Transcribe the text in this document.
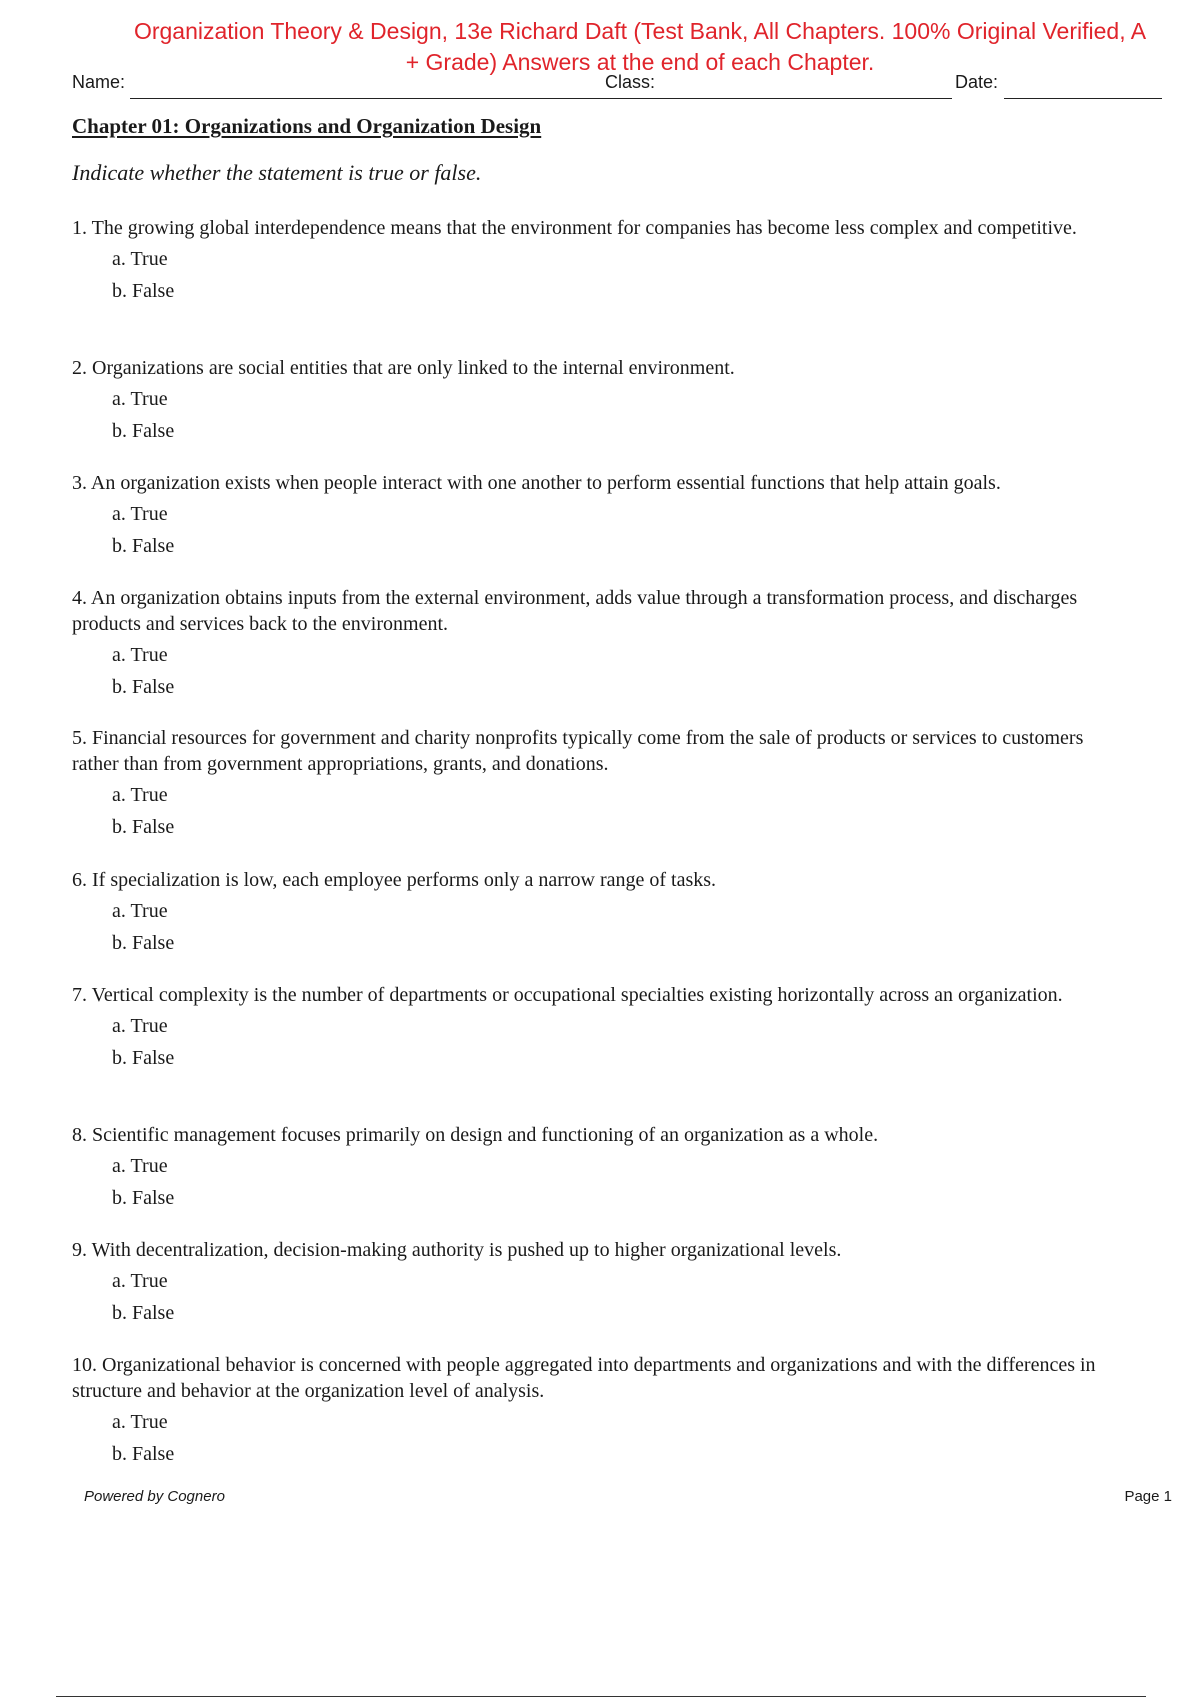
Organization Theory & Design, 13e Richard Daft (Test Bank, All Chapters. 100% Original Verified, A
+ Grade) Answers at the end of each Chapter.
Name:	Class:	Date:
Chapter 01: Organizations and Organization Design
Indicate whether the statement is true or false.

1. The growing global interdependence means that the environment for companies has become less complex and competitive.

a. True
b. False

2. Organizations are social entities that are only linked to the internal environment.

a. True
b. False

3. An organization exists when people interact with one another to perform essential functions that help attain goals.

a. True
b. False

4. An organization obtains inputs from the external environment, adds value through a transformation process, and discharges products and services back to the environment.

a. True
b. False

5. Financial resources for government and charity nonprofits typically come from the sale of products or services to customers rather than from government appropriations, grants, and donations.

a. True
b. False

6. If specialization is low, each employee performs only a narrow range of tasks.

a. True
b. False

7. Vertical complexity is the number of departments or occupational specialties existing horizontally across an organization.

a. True
b. False

8. Scientific management focuses primarily on design and functioning of an organization as a whole.

a. True
b. False

9. With decentralization, decision-making authority is pushed up to higher organizational levels.

a. True
b. False

10. Organizational behavior is concerned with people aggregated into departments and organizations and with the differences in structure and behavior at the organization level of analysis.

a. True
b. False
Powered by Cognero	Page 1
